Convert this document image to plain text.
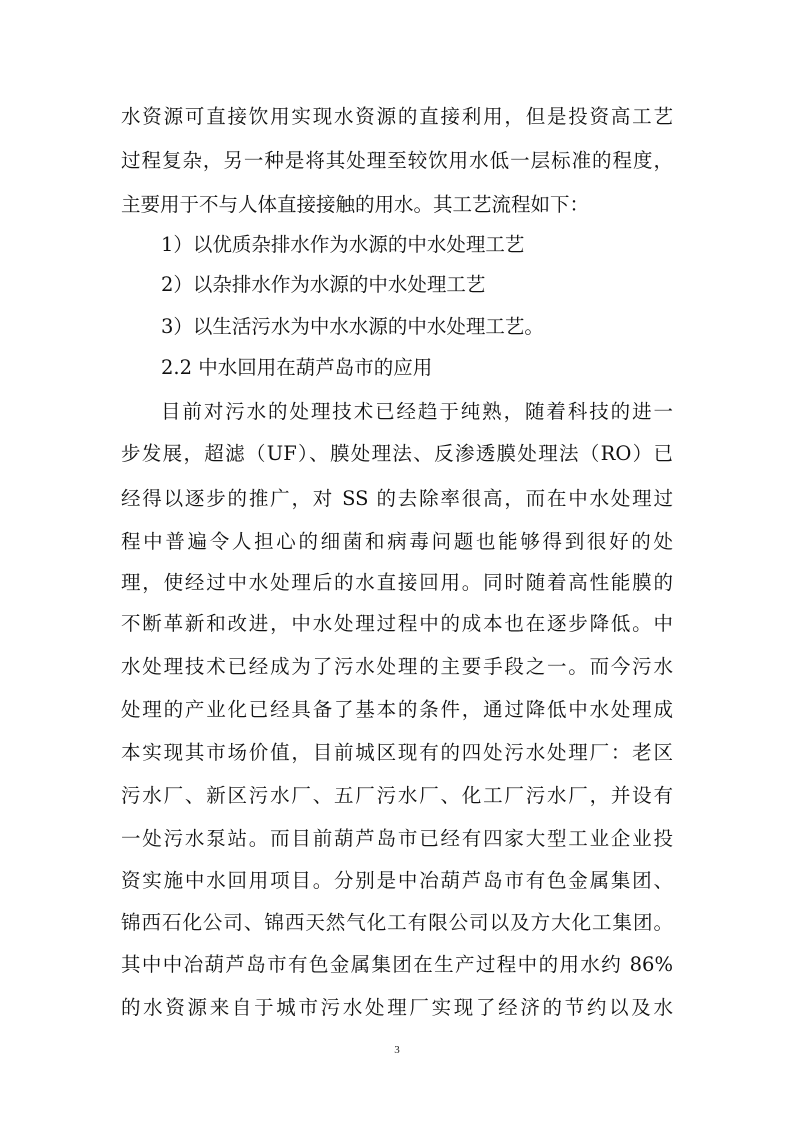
水资源可直接饮用实现水资源的直接利用，但是投资高工艺
过程复杂，另一种是将其处理至较饮用水低一层标准的程度，
主要用于不与人体直接接触的用水。其工艺流程如下：
1）以优质杂排水作为水源的中水处理工艺
2）以杂排水作为水源的中水处理工艺
3）以生活污水为中水水源的中水处理工艺。
2.2 中水回用在葫芦岛市的应用
目前对污水的处理技术已经趋于纯熟，随着科技的进一
步发展，超滤（UF）、膜处理法、反渗透膜处理法（RO）已
经得以逐步的推广，对 SS 的去除率很高，而在中水处理过
程中普遍令人担心的细菌和病毒问题也能够得到很好的处
理，使经过中水处理后的水直接回用。同时随着高性能膜的
不断革新和改进，中水处理过程中的成本也在逐步降低。中
水处理技术已经成为了污水处理的主要手段之一。而今污水
处理的产业化已经具备了基本的条件，通过降低中水处理成
本实现其市场价值，目前城区现有的四处污水处理厂：老区
污水厂、新区污水厂、五厂污水厂、化工厂污水厂，并设有
一处污水泵站。而目前葫芦岛市已经有四家大型工业企业投
资实施中水回用项目。分别是中冶葫芦岛市有色金属集团、
锦西石化公司、锦西天然气化工有限公司以及方大化工集团。
其中中冶葫芦岛市有色金属集团在生产过程中的用水约 86%
的水资源来自于城市污水处理厂实现了经济的节约以及水
3
